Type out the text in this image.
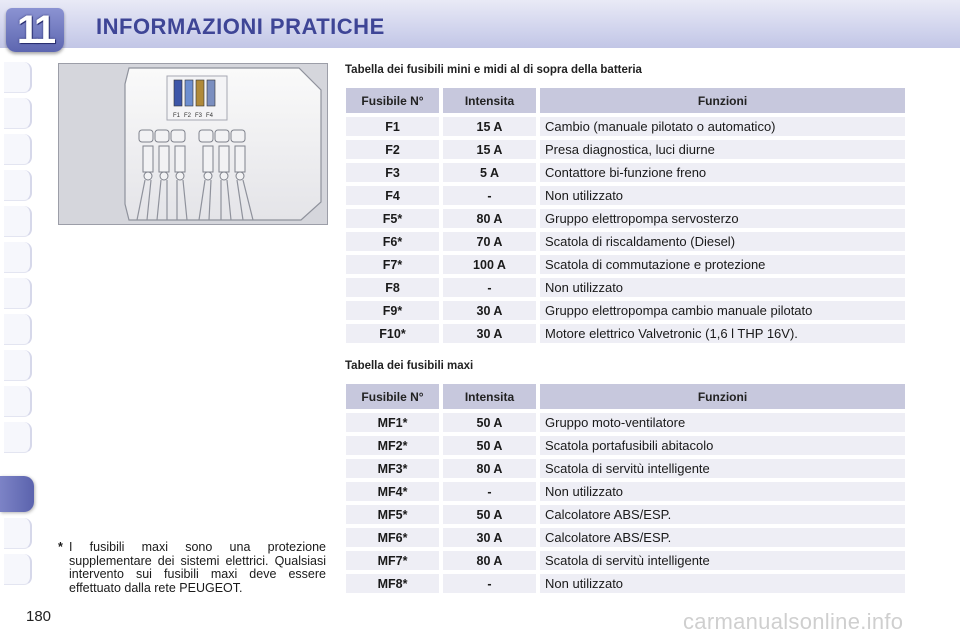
11	INFORMAZIONI PRATICHE
F1 F2 F3 F4
Tabella dei fusibili mini e midi al di sopra della batteria
Fusibile N°	Intensita	Funzioni
F1	15 A	Cambio (manuale pilotato o automatico)
F2	15 A	Presa diagnostica, luci diurne
F3	5 A	Contattore bi-funzione freno
F4	-	Non utilizzato
F5*	80 A	Gruppo elettropompa servosterzo
F6*	70 A	Scatola di riscaldamento (Diesel)
F7*	100 A	Scatola di commutazione e protezione
F8	-	Non utilizzato
F9*	30 A	Gruppo elettropompa cambio manuale pilotato
F10*	30 A	Motore elettrico Valvetronic (1,6 l THP 16V).
Tabella dei fusibili maxi
Fusibile N°	Intensita	Funzioni
MF1*	50 A	Gruppo moto-ventilatore
MF2*	50 A	Scatola portafusibili abitacolo
MF3*	80 A	Scatola di servitù intelligente
MF4*	-	Non utilizzato
MF5*	50 A	Calcolatore ABS/ESP.
MF6*	30 A	Calcolatore ABS/ESP.
MF7*	80 A	Scatola di servitù intelligente
MF8*	-	Non utilizzato
* I fusibili maxi sono una protezione supplementare dei sistemi elettrici. Qualsiasi intervento sui fusibili maxi deve essere effettuato dalla rete PEUGEOT.
180	carmanualsonline.info
